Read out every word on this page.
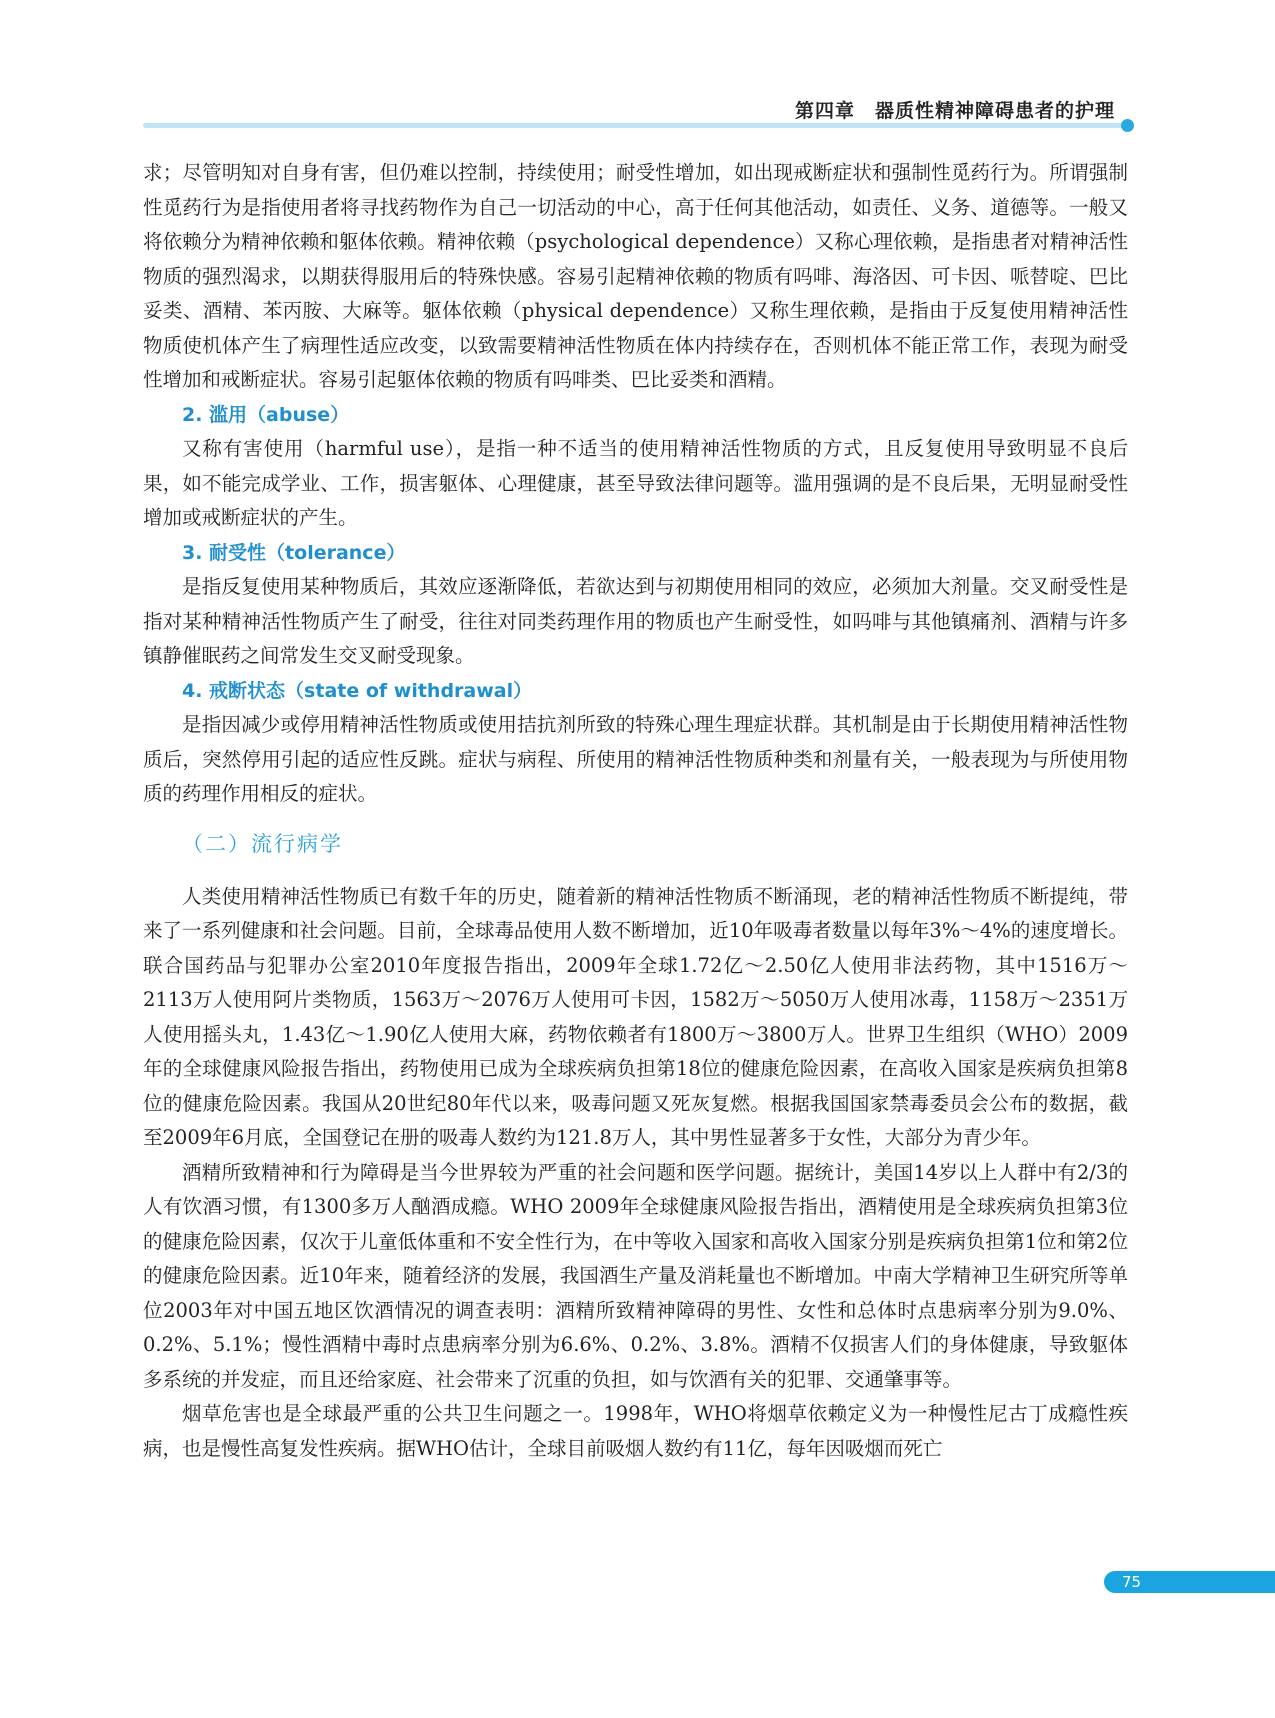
第四章　器质性精神障碍患者的护理

求；尽管明知对自身有害，但仍难以控制，持续使用；耐受性增加，如出现戒断症状和强制性觅药行为。所谓强制性觅药行为是指使用者将寻找药物作为自己一切活动的中心，高于任何其他活动，如责任、义务、道德等。一般又将依赖分为精神依赖和躯体依赖。精神依赖（psychological dependence）又称心理依赖，是指患者对精神活性物质的强烈渴求，以期获得服用后的特殊快感。容易引起精神依赖的物质有吗啡、海洛因、可卡因、哌替啶、巴比妥类、酒精、苯丙胺、大麻等。躯体依赖（physical dependence）又称生理依赖，是指由于反复使用精神活性物质使机体产生了病理性适应改变，以致需要精神活性物质在体内持续存在，否则机体不能正常工作，表现为耐受性增加和戒断症状。容易引起躯体依赖的物质有吗啡类、巴比妥类和酒精。

2. 滥用（abuse）

又称有害使用（harmful use），是指一种不适当的使用精神活性物质的方式，且反复使用导致明显不良后果，如不能完成学业、工作，损害躯体、心理健康，甚至导致法律问题等。滥用强调的是不良后果，无明显耐受性增加或戒断症状的产生。

3. 耐受性（tolerance）

是指反复使用某种物质后，其效应逐渐降低，若欲达到与初期使用相同的效应，必须加大剂量。交叉耐受性是指对某种精神活性物质产生了耐受，往往对同类药理作用的物质也产生耐受性，如吗啡与其他镇痛剂、酒精与许多镇静催眠药之间常发生交叉耐受现象。

4. 戒断状态（state of withdrawal）

是指因减少或停用精神活性物质或使用拮抗剂所致的特殊心理生理症状群。其机制是由于长期使用精神活性物质后，突然停用引起的适应性反跳。症状与病程、所使用的精神活性物质种类和剂量有关，一般表现为与所使用物质的药理作用相反的症状。

（二）流行病学

人类使用精神活性物质已有数千年的历史，随着新的精神活性物质不断涌现，老的精神活性物质不断提纯，带来了一系列健康和社会问题。目前，全球毒品使用人数不断增加，近10年吸毒者数量以每年3%～4%的速度增长。联合国药品与犯罪办公室2010年度报告指出，2009年全球1.72亿～2.50亿人使用非法药物，其中1516万～2113万人使用阿片类物质，1563万～2076万人使用可卡因，1582万～5050万人使用冰毒，1158万～2351万人使用摇头丸，1.43亿～1.90亿人使用大麻，药物依赖者有1800万～3800万人。世界卫生组织（WHO）2009年的全球健康风险报告指出，药物使用已成为全球疾病负担第18位的健康危险因素，在高收入国家是疾病负担第8位的健康危险因素。我国从20世纪80年代以来，吸毒问题又死灰复燃。根据我国国家禁毒委员会公布的数据，截至2009年6月底，全国登记在册的吸毒人数约为121.8万人，其中男性显著多于女性，大部分为青少年。

酒精所致精神和行为障碍是当今世界较为严重的社会问题和医学问题。据统计，美国14岁以上人群中有2/3的人有饮酒习惯，有1300多万人酗酒成瘾。WHO 2009年全球健康风险报告指出，酒精使用是全球疾病负担第3位的健康危险因素，仅次于儿童低体重和不安全性行为，在中等收入国家和高收入国家分别是疾病负担第1位和第2位的健康危险因素。近10年来，随着经济的发展，我国酒生产量及消耗量也不断增加。中南大学精神卫生研究所等单位2003年对中国五地区饮酒情况的调查表明：酒精所致精神障碍的男性、女性和总体时点患病率分别为9.0%、0.2%、5.1%；慢性酒精中毒时点患病率分别为6.6%、0.2%、3.8%。酒精不仅损害人们的身体健康，导致躯体多系统的并发症，而且还给家庭、社会带来了沉重的负担，如与饮酒有关的犯罪、交通肇事等。

烟草危害也是全球最严重的公共卫生问题之一。1998年，WHO将烟草依赖定义为一种慢性尼古丁成瘾性疾病，也是慢性高复发性疾病。据WHO估计，全球目前吸烟人数约有11亿，每年因吸烟而死亡

75
